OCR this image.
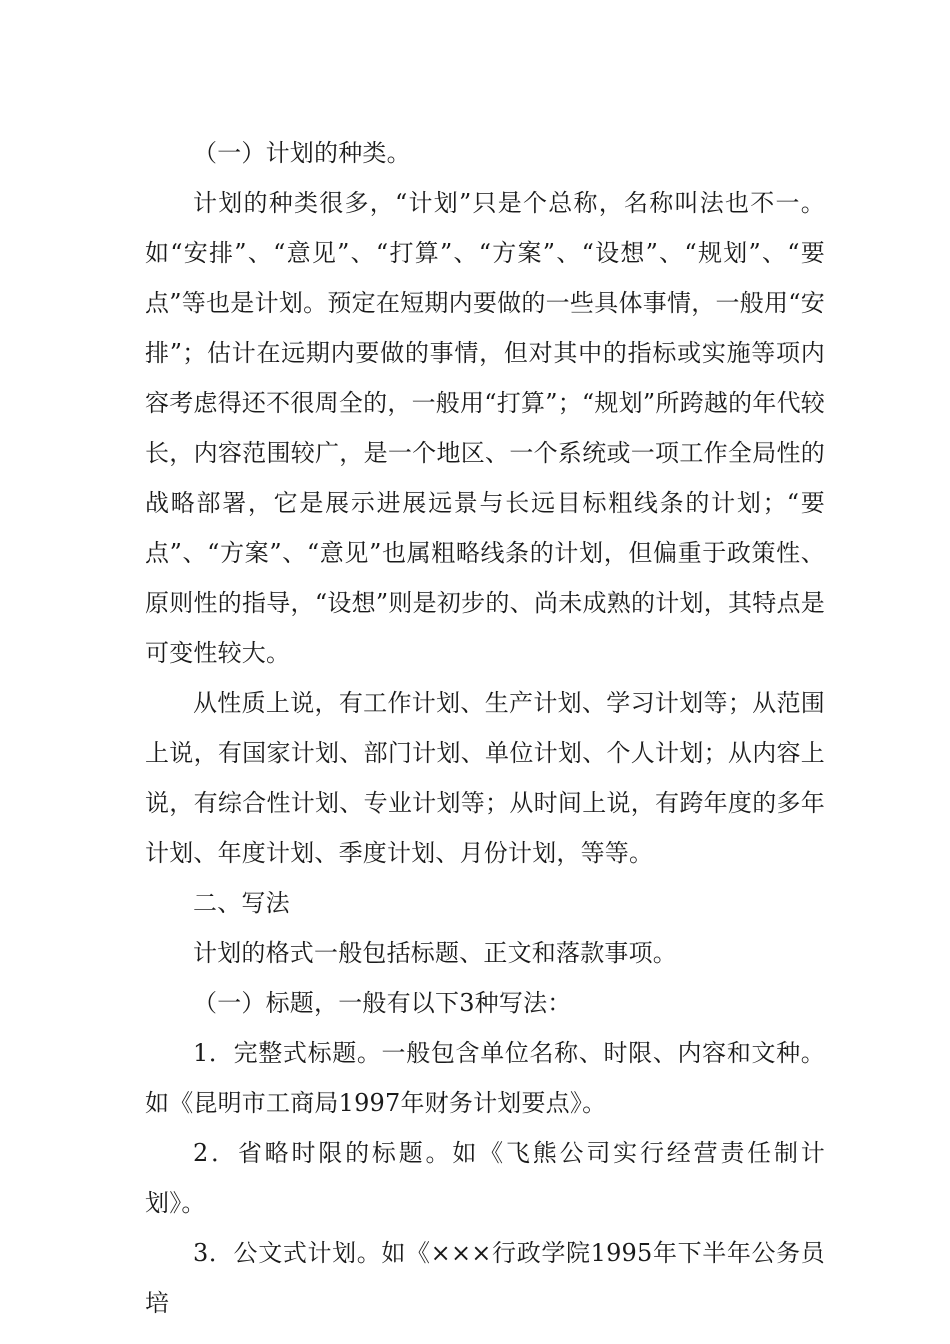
（一）计划的种类。

计划的种类很多，“计划”只是个总称，名称叫法也不一。如“安排”、“意见”、“打算”、“方案”、“设想”、“规划”、“要点”等也是计划。预定在短期内要做的一些具体事情，一般用“安排”；估计在远期内要做的事情，但对其中的指标或实施等项内容考虑得还不很周全的，一般用“打算”；“规划”所跨越的年代较长，内容范围较广，是一个地区、一个系统或一项工作全局性的战略部署，它是展示进展远景与长远目标粗线条的计划；“要点”、“方案”、“意见”也属粗略线条的计划，但偏重于政策性、原则性的指导，“设想”则是初步的、尚未成熟的计划，其特点是可变性较大。

从性质上说，有工作计划、生产计划、学习计划等；从范围上说，有国家计划、部门计划、单位计划、个人计划；从内容上说，有综合性计划、专业计划等；从时间上说，有跨年度的多年计划、年度计划、季度计划、月份计划，等等。

二、写法

计划的格式一般包括标题、正文和落款事项。

（一）标题，一般有以下3种写法：

1．完整式标题。一般包含单位名称、时限、内容和文种。如《昆明市工商局1997年财务计划要点》。

2．省略时限的标题。如《飞熊公司实行经营责任制计划》。

3．公文式计划。如《×××行政学院1995年下半年公务员培
